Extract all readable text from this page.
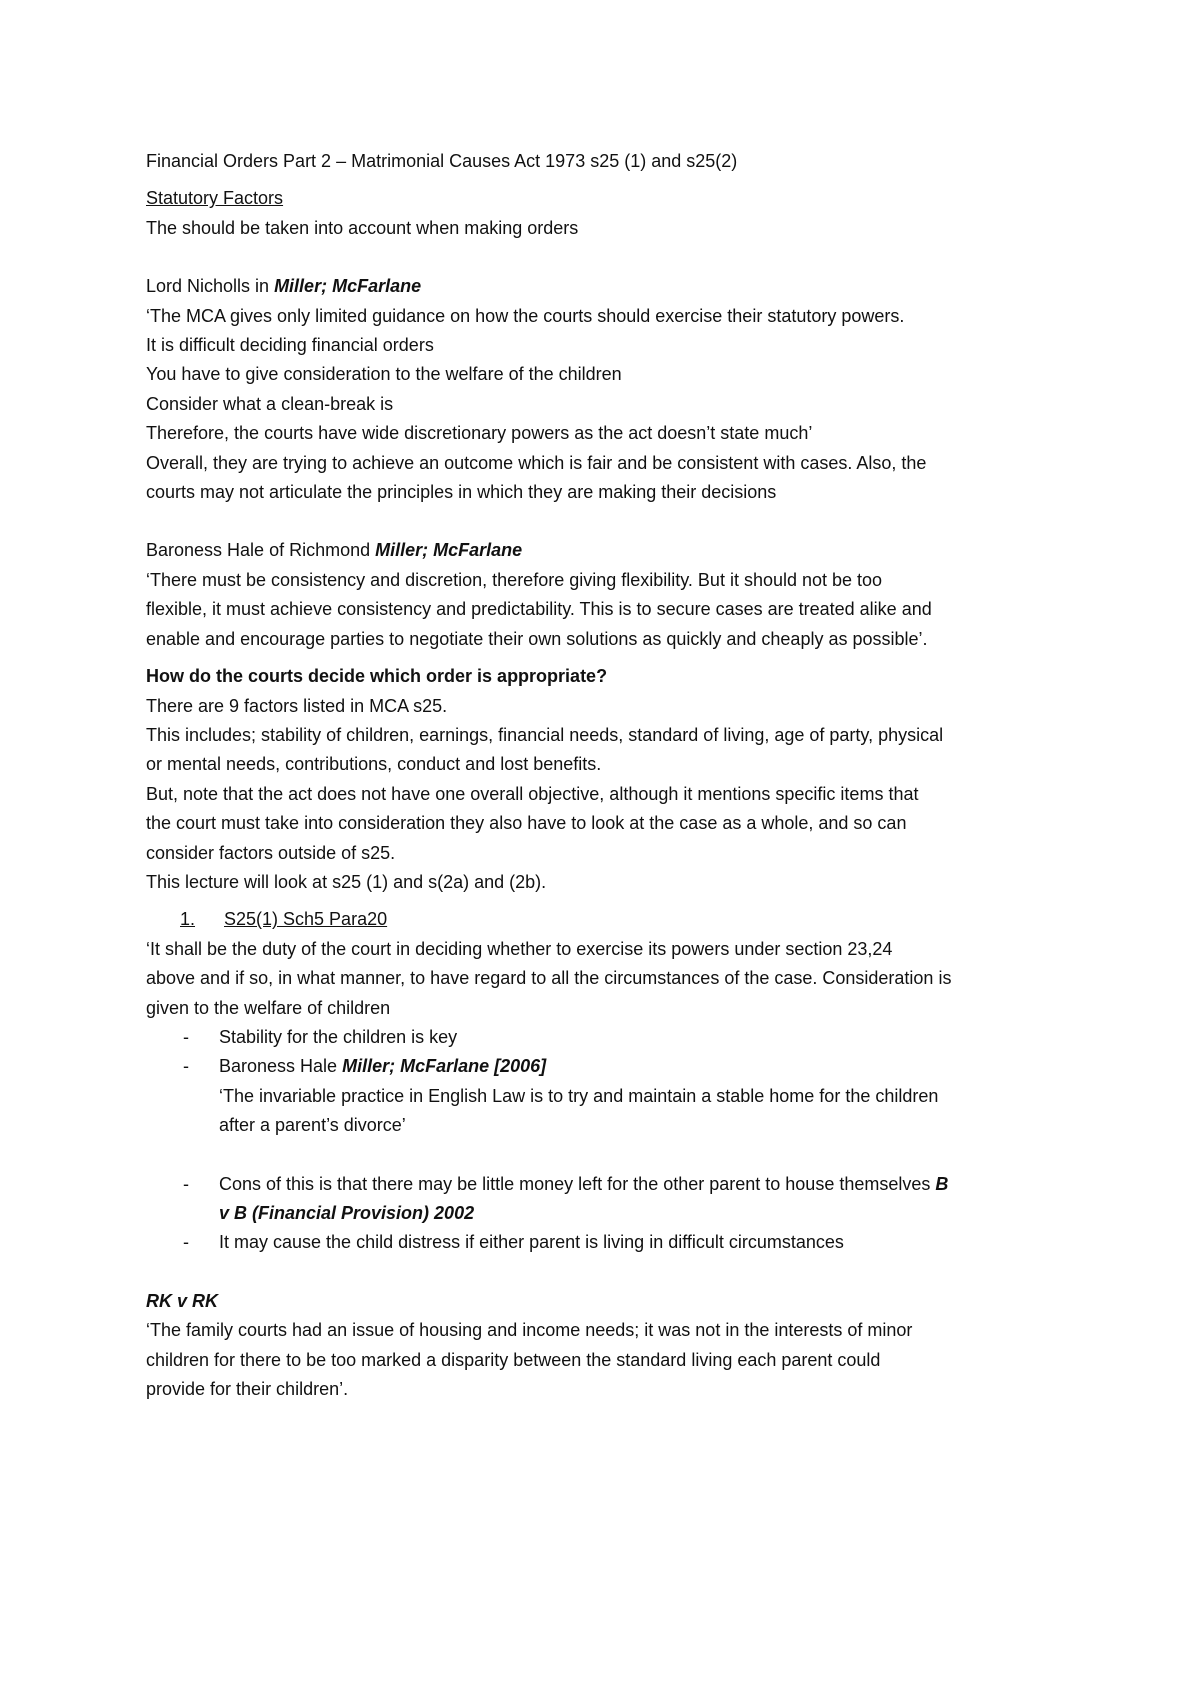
Financial Orders Part 2 – Matrimonial Causes Act 1973 s25 (1) and s25(2)

Statutory Factors

The should be taken into account when making orders

Lord Nicholls in Miller; McFarlane

‘The MCA gives only limited guidance on how the courts should exercise their statutory powers.

It is difficult deciding financial orders

You have to give consideration to the welfare of the children

Consider what a clean-break is

Therefore, the courts have wide discretionary powers as the act doesn’t state much’

Overall, they are trying to achieve an outcome which is fair and be consistent with cases. Also, the

courts may not articulate the principles in which they are making their decisions

Baroness Hale of Richmond Miller; McFarlane

‘There must be consistency and discretion, therefore giving flexibility. But it should not be too

flexible, it must achieve consistency and predictability. This is to secure cases are treated alike and

enable and encourage parties to negotiate their own solutions as quickly and cheaply as possible’.

How do the courts decide which order is appropriate?

There are 9 factors listed in MCA s25.

This includes; stability of children, earnings, financial needs, standard of living, age of party, physical

or mental needs, contributions, conduct and lost benefits.

But, note that the act does not have one overall objective, although it mentions specific items that

the court must take into consideration they also have to look at the case as a whole, and so can

consider factors outside of s25.

This lecture will look at s25 (1) and s(2a) and (2b).

1. S25(1) Sch5 Para20

‘It shall be the duty of the court in deciding whether to exercise its powers under section 23,24

above and if so, in what manner, to have regard to all the circumstances of the case. Consideration is

given to the welfare of children

- Stability for the children is key
- Baroness Hale Miller; McFarlane [2006]
‘The invariable practice in English Law is to try and maintain a stable home for the children
after a parent’s divorce’
- Cons of this is that there may be little money left for the other parent to house themselves B
v B (Financial Provision) 2002
- It may cause the child distress if either parent is living in difficult circumstances

RK v RK

‘The family courts had an issue of housing and income needs; it was not in the interests of minor

children for there to be too marked a disparity between the standard living each parent could

provide for their children’.
